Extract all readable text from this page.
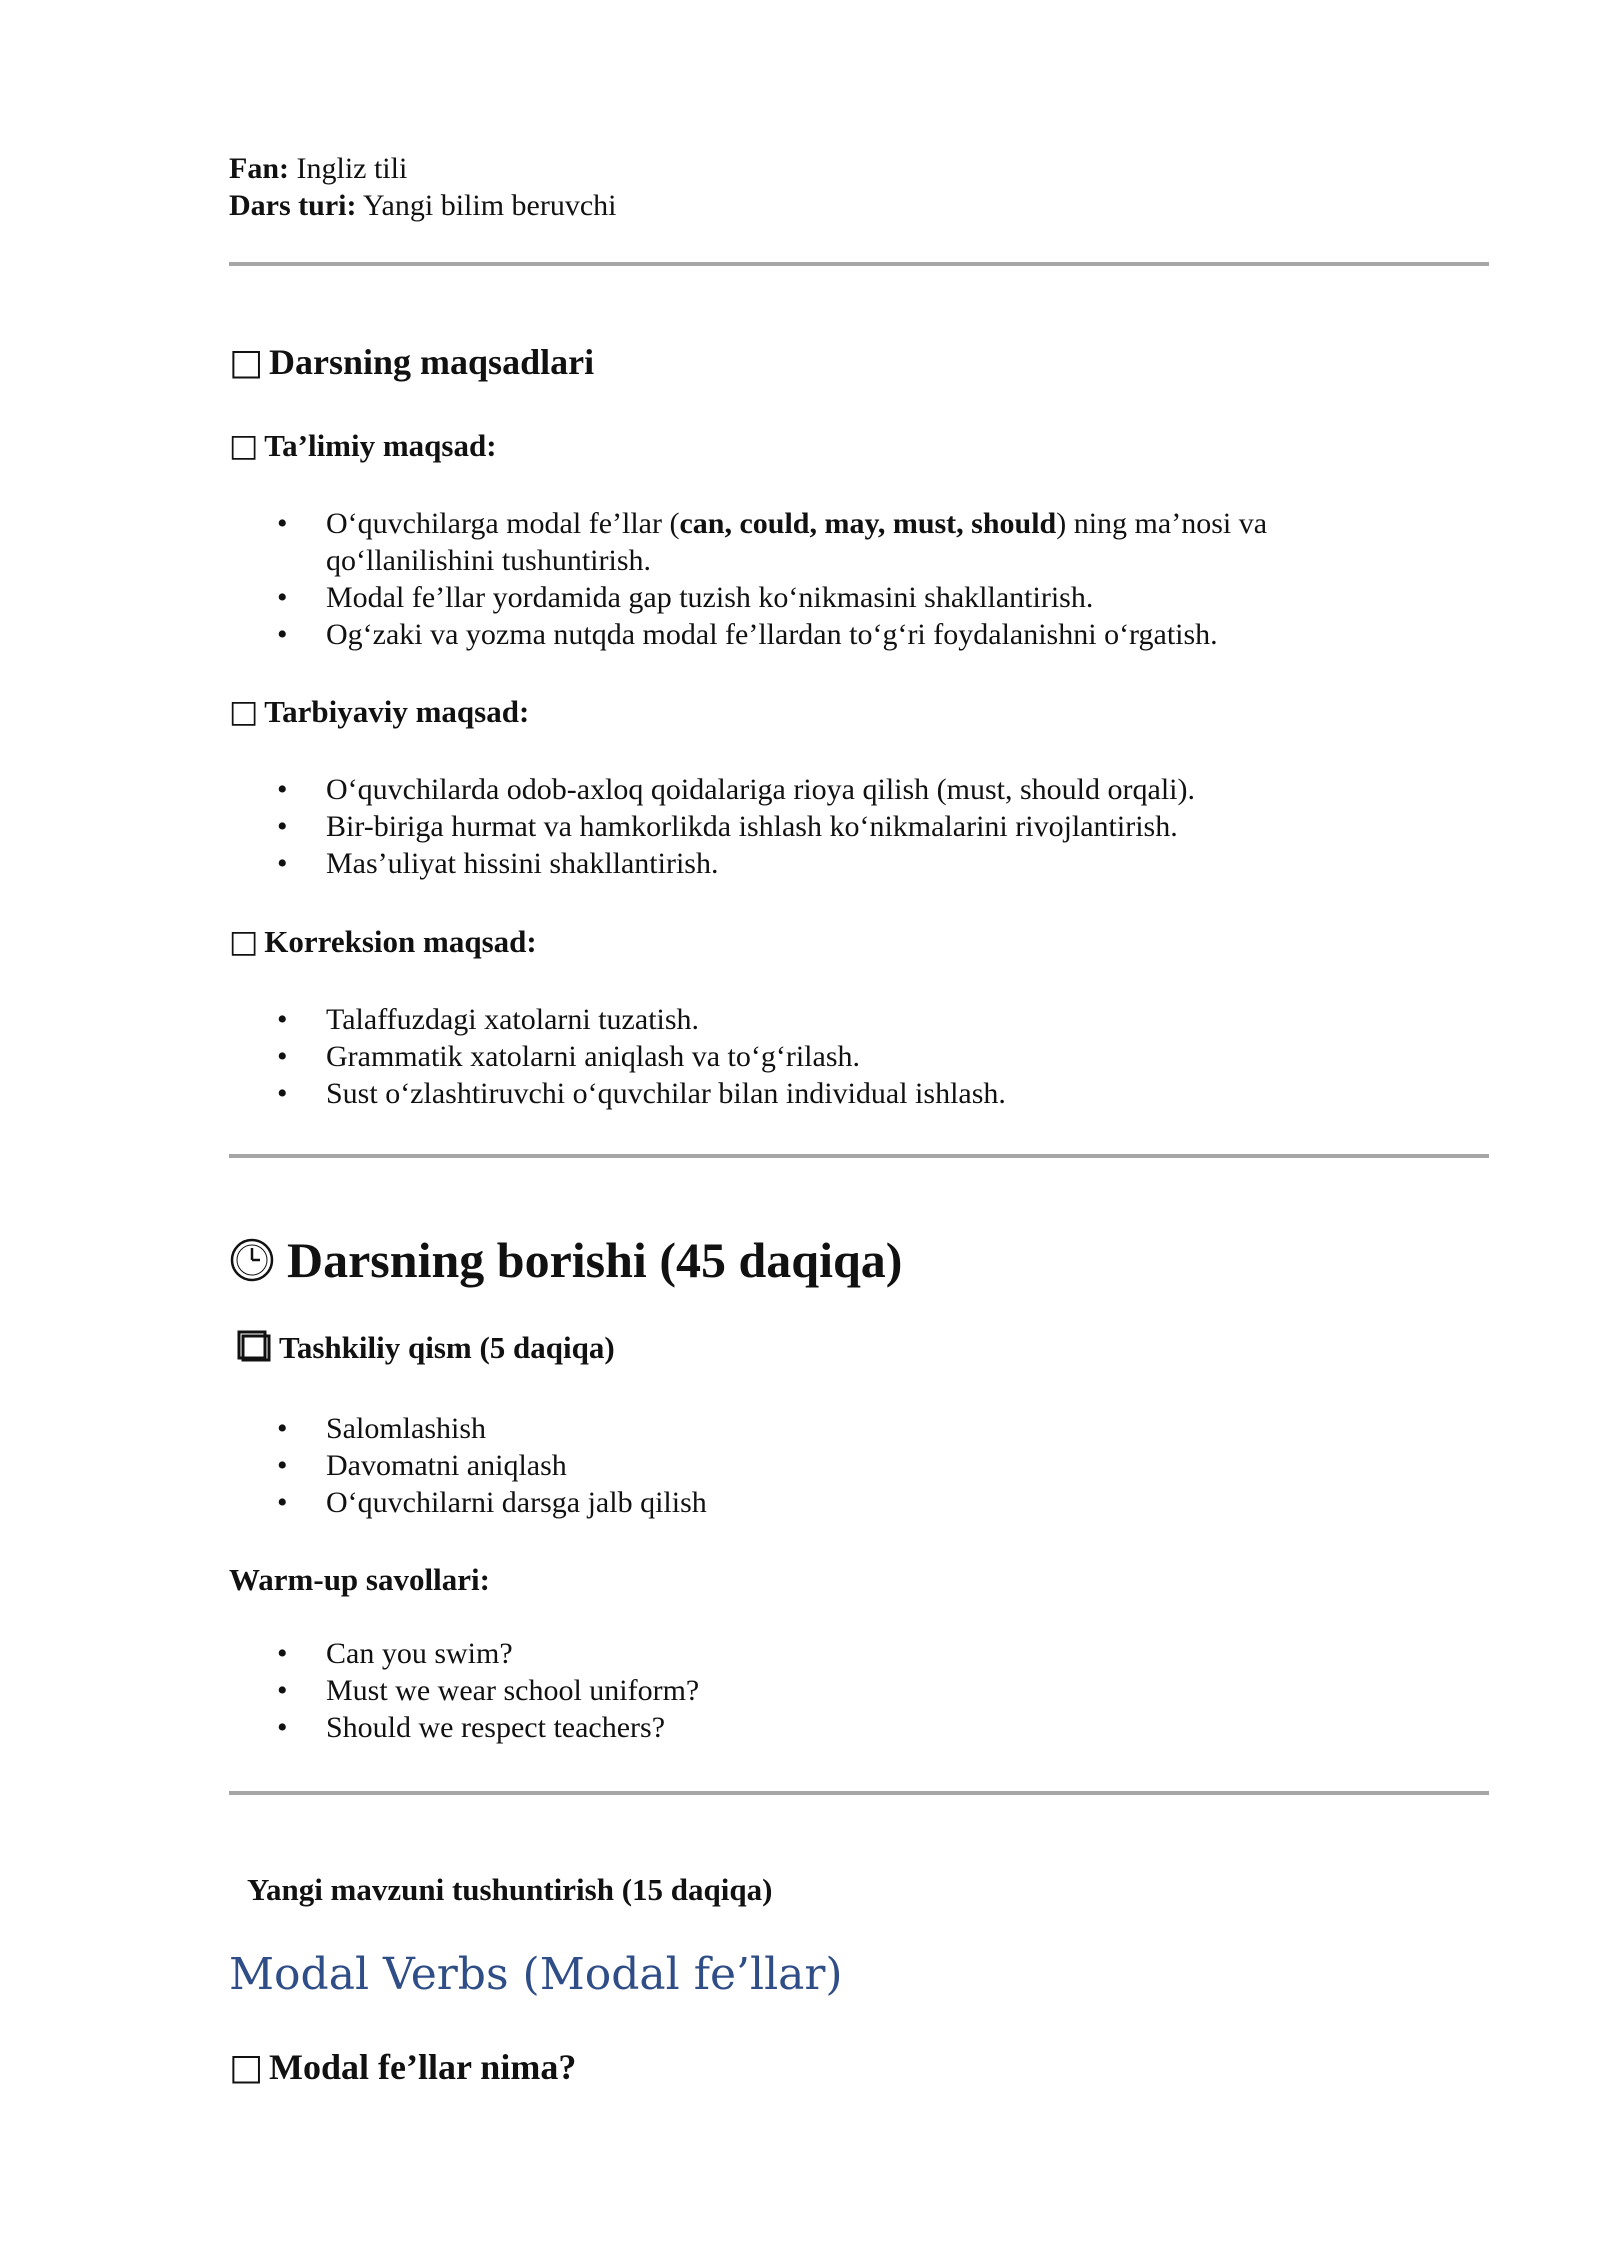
Fan: Ingliz tili
Dars turi: Yangi bilim beruvchi
□ Darsning maqsadlari
□ Ta’limiy maqsad:
• O‘quvchilarga modal fe’llar (can, could, may, must, should) ning ma’nosi va
qo‘llanilishini tushuntirish.
• Modal fe’llar yordamida gap tuzish ko‘nikmasini shakllantirish.
• Og‘zaki va yozma nutqda modal fe’llardan to‘g‘ri foydalanishni o‘rgatish.
□ Tarbiyaviy maqsad:
• O‘quvchilarda odob-axloq qoidalariga rioya qilish (must, should orqali).
• Bir-biriga hurmat va hamkorlikda ishlash ko‘nikmalarini rivojlantirish.
• Mas’uliyat hissini shakllantirish.
□ Korreksion maqsad:
• Talaffuzdagi xatolarni tuzatish.
• Grammatik xatolarni aniqlash va to‘g‘rilash.
• Sust o‘zlashtiruvchi o‘quvchilar bilan individual ishlash.
Darsning borishi (45 daqiqa)
Tashkiliy qism (5 daqiqa)
• Salomlashish
• Davomatni aniqlash
• O‘quvchilarni darsga jalb qilish
Warm-up savollari:
• Can you swim?
• Must we wear school uniform?
• Should we respect teachers?
Yangi mavzuni tushuntirish (15 daqiqa)
Modal Verbs (Modal fe’llar)
□ Modal fe’llar nima?
